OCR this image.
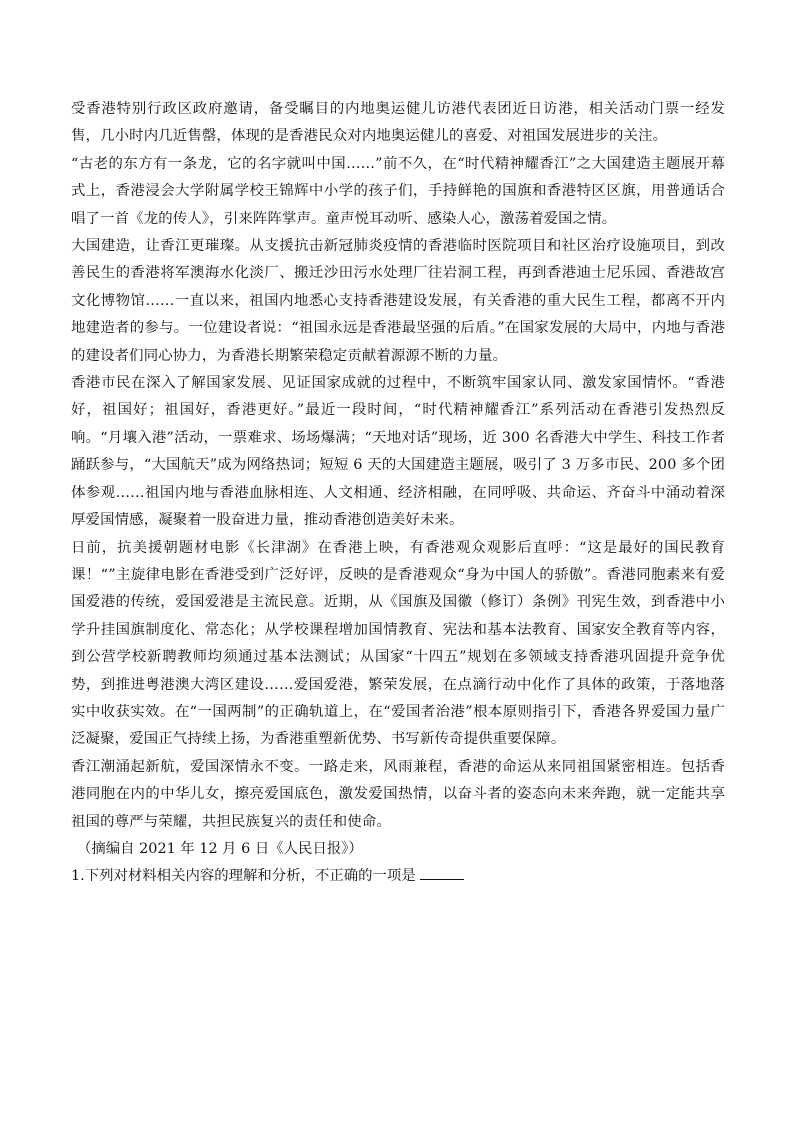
受香港特别行政区政府邀请，备受瞩目的内地奥运健儿访港代表团近日访港，相关活动门票一经发售，几小时内几近售罄，体现的是香港民众对内地奥运健儿的喜爱、对祖国发展进步的关注。

“古老的东方有一条龙，它的名字就叫中国……”前不久，在“时代精神耀香江”之大国建造主题展开幕式上，香港浸会大学附属学校王锦辉中小学的孩子们，手持鲜艳的国旗和香港特区区旗，用普通话合唱了一首《龙的传人》，引来阵阵掌声。童声悦耳动听、感染人心，激荡着爱国之情。

大国建造，让香江更璀璨。从支援抗击新冠肺炎疫情的香港临时医院项目和社区治疗设施项目，到改善民生的香港将军澳海水化淡厂、搬迁沙田污水处理厂往岩洞工程，再到香港迪士尼乐园、香港故宫文化博物馆……一直以来，祖国内地悉心支持香港建设发展，有关香港的重大民生工程，都离不开内地建造者的参与。一位建设者说：“祖国永远是香港最坚强的后盾。”在国家发展的大局中，内地与香港的建设者们同心协力，为香港长期繁荣稳定贡献着源源不断的力量。

香港市民在深入了解国家发展、见证国家成就的过程中，不断筑牢国家认同、激发家国情怀。“香港好，祖国好；祖国好，香港更好。”最近一段时间，“时代精神耀香江”系列活动在香港引发热烈反响。“月壤入港”活动，一票难求、场场爆满；“天地对话”现场，近 300 名香港大中学生、科技工作者踊跃参与，“大国航天”成为网络热词；短短 6 天的大国建造主题展，吸引了 3 万多市民、200 多个团体参观……祖国内地与香港血脉相连、人文相通、经济相融，在同呼吸、共命运、齐奋斗中涌动着深厚爱国情感，凝聚着一股奋进力量，推动香港创造美好未来。

日前，抗美援朝题材电影《长津湖》在香港上映，有香港观众观影后直呼：“这是最好的国民教育课！“”主旋律电影在香港受到广泛好评，反映的是香港观众“身为中国人的骄傲”。香港同胞素来有爱国爱港的传统，爱国爱港是主流民意。近期，从《国旗及国徽（修订）条例》刊宪生效，到香港中小学升挂国旗制度化、常态化；从学校课程增加国情教育、宪法和基本法教育、国家安全教育等内容，到公营学校新聘教师均须通过基本法测试；从国家“十四五”规划在多领域支持香港巩固提升竞争优势，到推进粤港澳大湾区建设……爱国爱港，繁荣发展，在点滴行动中化作了具体的政策，于落地落实中收获实效。在“一国两制”的正确轨道上，在“爱国者治港”根本原则指引下，香港各界爱国力量广泛凝聚，爱国正气持续上扬，为香港重塑新优势、书写新传奇提供重要保障。

香江潮涌起新航，爱国深情永不变。一路走来，风雨兼程，香港的命运从来同祖国紧密相连。包括香港同胞在内的中华儿女，擦亮爱国底色，激发爱国热情，以奋斗者的姿态向未来奔跑，就一定能共享祖国的尊严与荣耀，共担民族复兴的责任和使命。

（摘编自 2021 年 12 月 6 日《人民日报》）

1.下列对材料相关内容的理解和分析，不正确的一项是
